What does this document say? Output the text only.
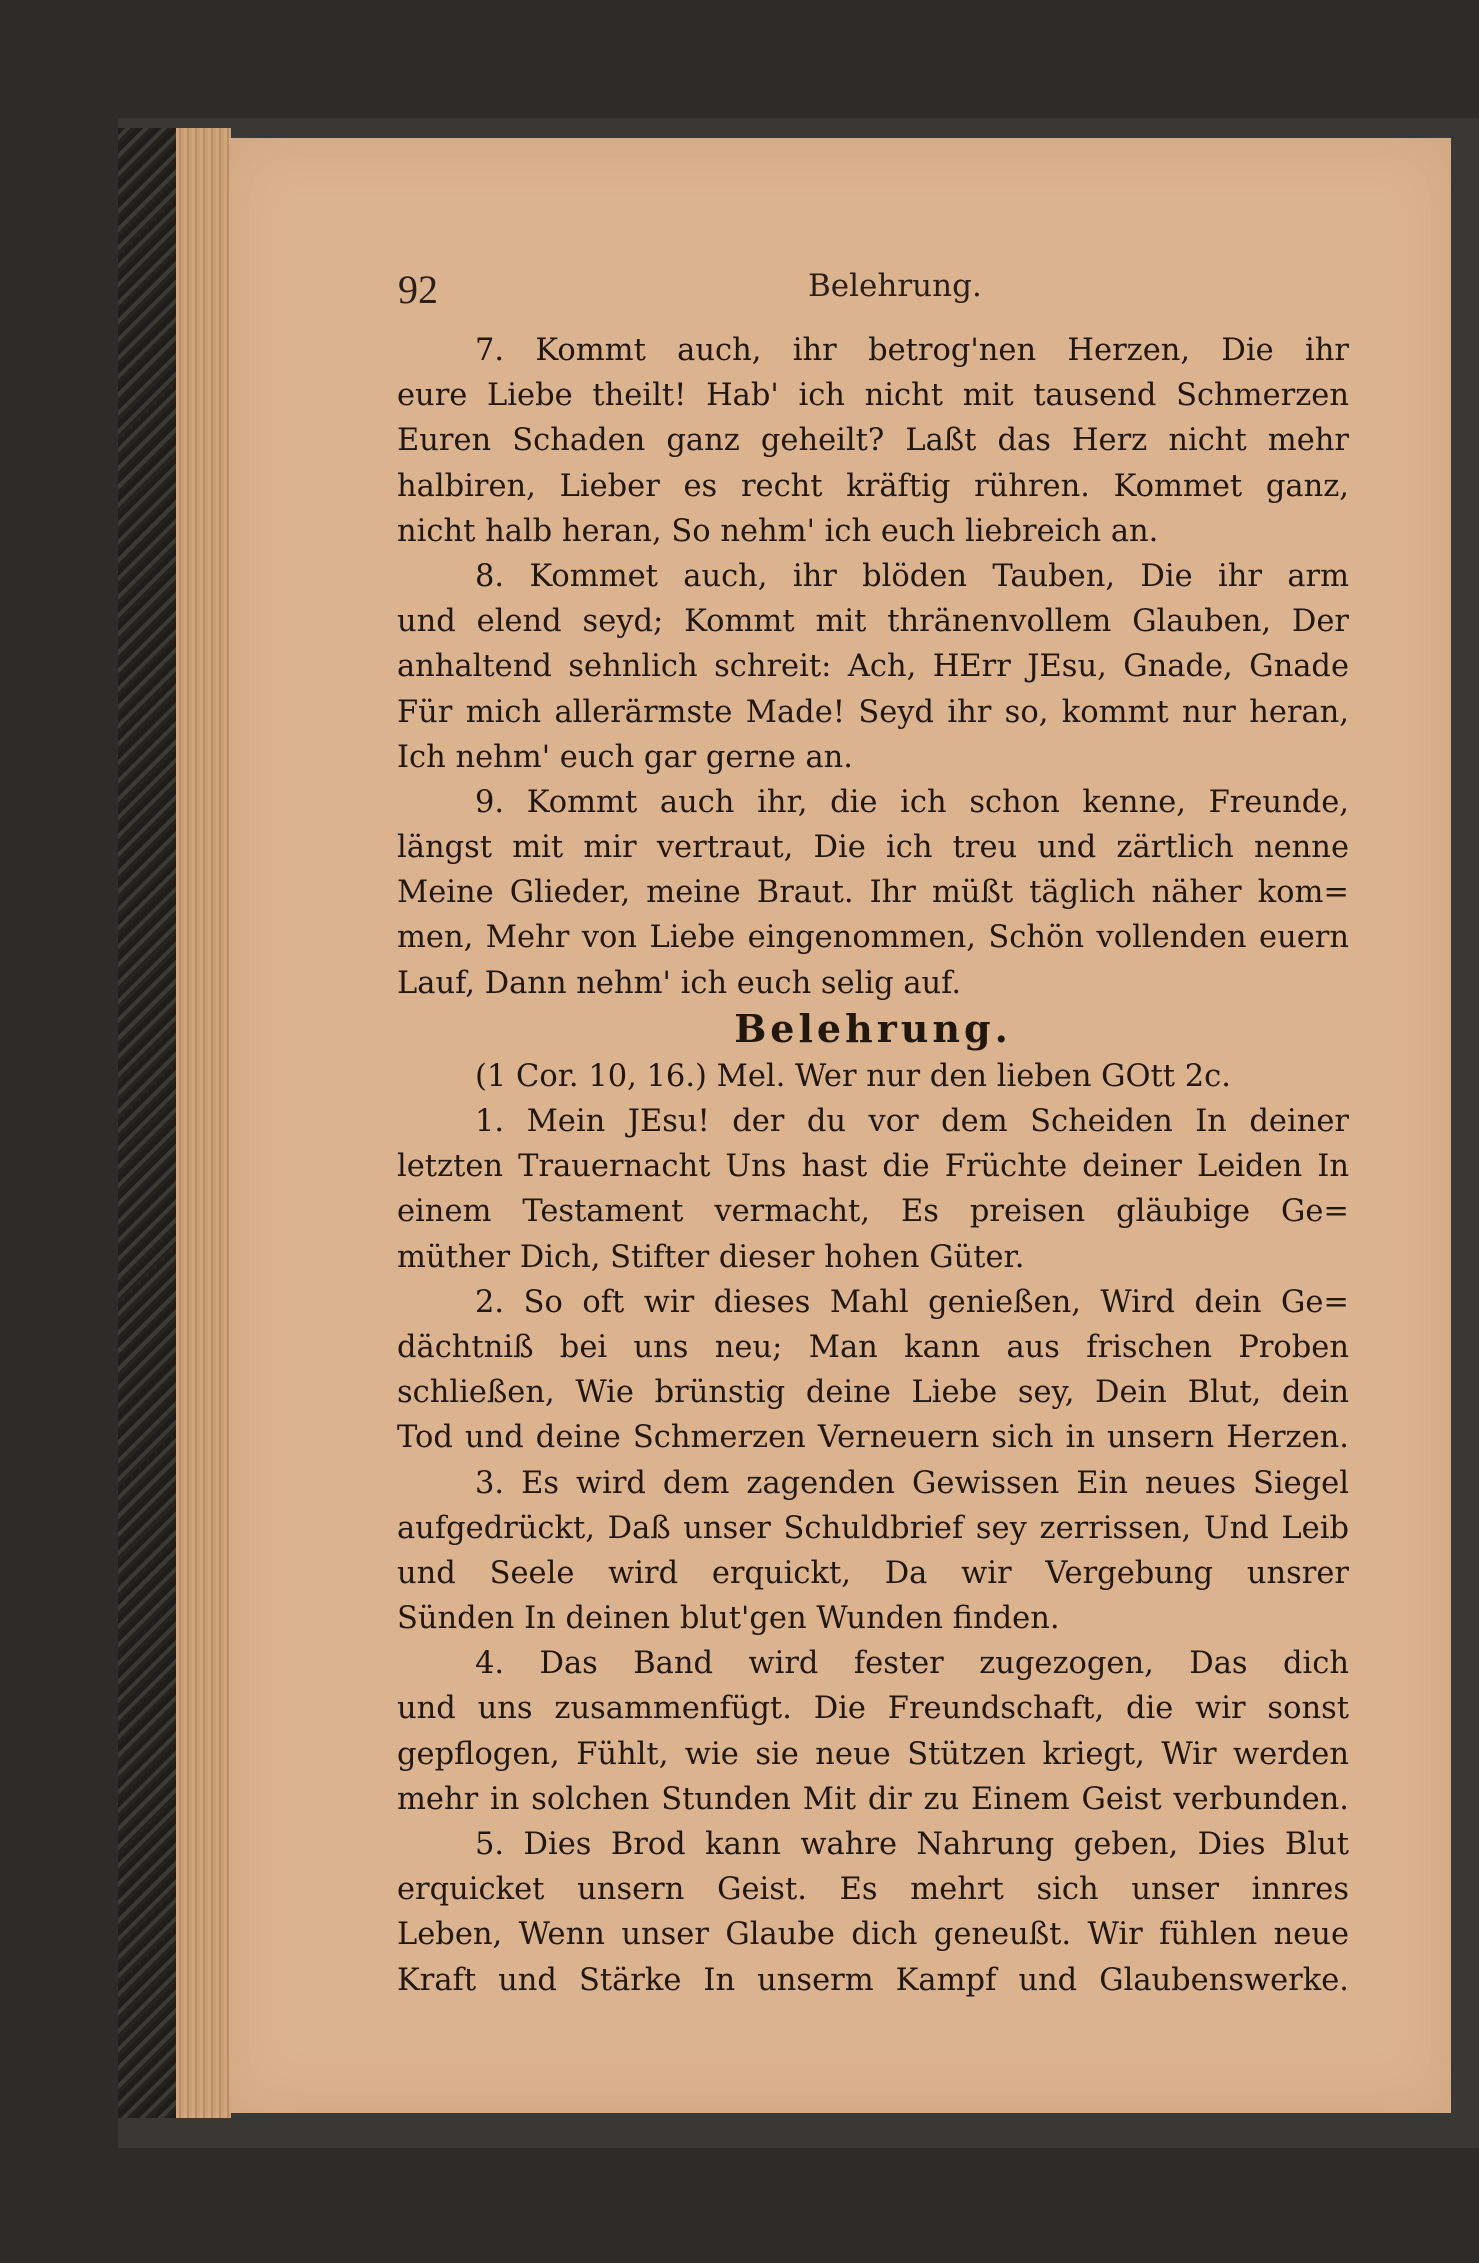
92	Belehrung.
7. Kommt auch, ihr betrog'nen Herzen, Die ihr
eure Liebe theilt! Hab' ich nicht mit tausend Schmerzen
Euren Schaden ganz geheilt? Laßt das Herz nicht mehr
halbiren, Lieber es recht kräftig rühren. Kommet ganz,
nicht halb heran, So nehm' ich euch liebreich an.
8. Kommet auch, ihr blöden Tauben, Die ihr arm
und elend seyd; Kommt mit thränenvollem Glauben, Der
anhaltend sehnlich schreit: Ach, HErr JEsu, Gnade, Gnade
Für mich allerärmste Made! Seyd ihr so, kommt nur heran,
Ich nehm' euch gar gerne an.
9. Kommt auch ihr, die ich schon kenne, Freunde,
längst mit mir vertraut, Die ich treu und zärtlich nenne
Meine Glieder, meine Braut. Ihr müßt täglich näher kom=
men, Mehr von Liebe eingenommen, Schön vollenden euern
Lauf, Dann nehm' ich euch selig auf.
Belehrung.
(1 Cor. 10, 16.) Mel. Wer nur den lieben GOtt 2c.
1. Mein JEsu! der du vor dem Scheiden In deiner
letzten Trauernacht Uns hast die Früchte deiner Leiden In
einem Testament vermacht, Es preisen gläubige Ge=
müther Dich, Stifter dieser hohen Güter.
2. So oft wir dieses Mahl genießen, Wird dein Ge=
dächtniß bei uns neu; Man kann aus frischen Proben
schließen, Wie brünstig deine Liebe sey, Dein Blut, dein
Tod und deine Schmerzen Verneuern sich in unsern Herzen.
3. Es wird dem zagenden Gewissen Ein neues Siegel
aufgedrückt, Daß unser Schuldbrief sey zerrissen, Und Leib
und Seele wird erquickt, Da wir Vergebung unsrer
Sünden In deinen blut'gen Wunden finden.
4. Das Band wird fester zugezogen, Das dich
und uns zusammenfügt. Die Freundschaft, die wir sonst
gepflogen, Fühlt, wie sie neue Stützen kriegt, Wir werden
mehr in solchen Stunden Mit dir zu Einem Geist verbunden.
5. Dies Brod kann wahre Nahrung geben, Dies Blut
erquicket unsern Geist. Es mehrt sich unser innres
Leben, Wenn unser Glaube dich geneußt. Wir fühlen neue
Kraft und Stärke In unserm Kampf und Glaubenswerke.
